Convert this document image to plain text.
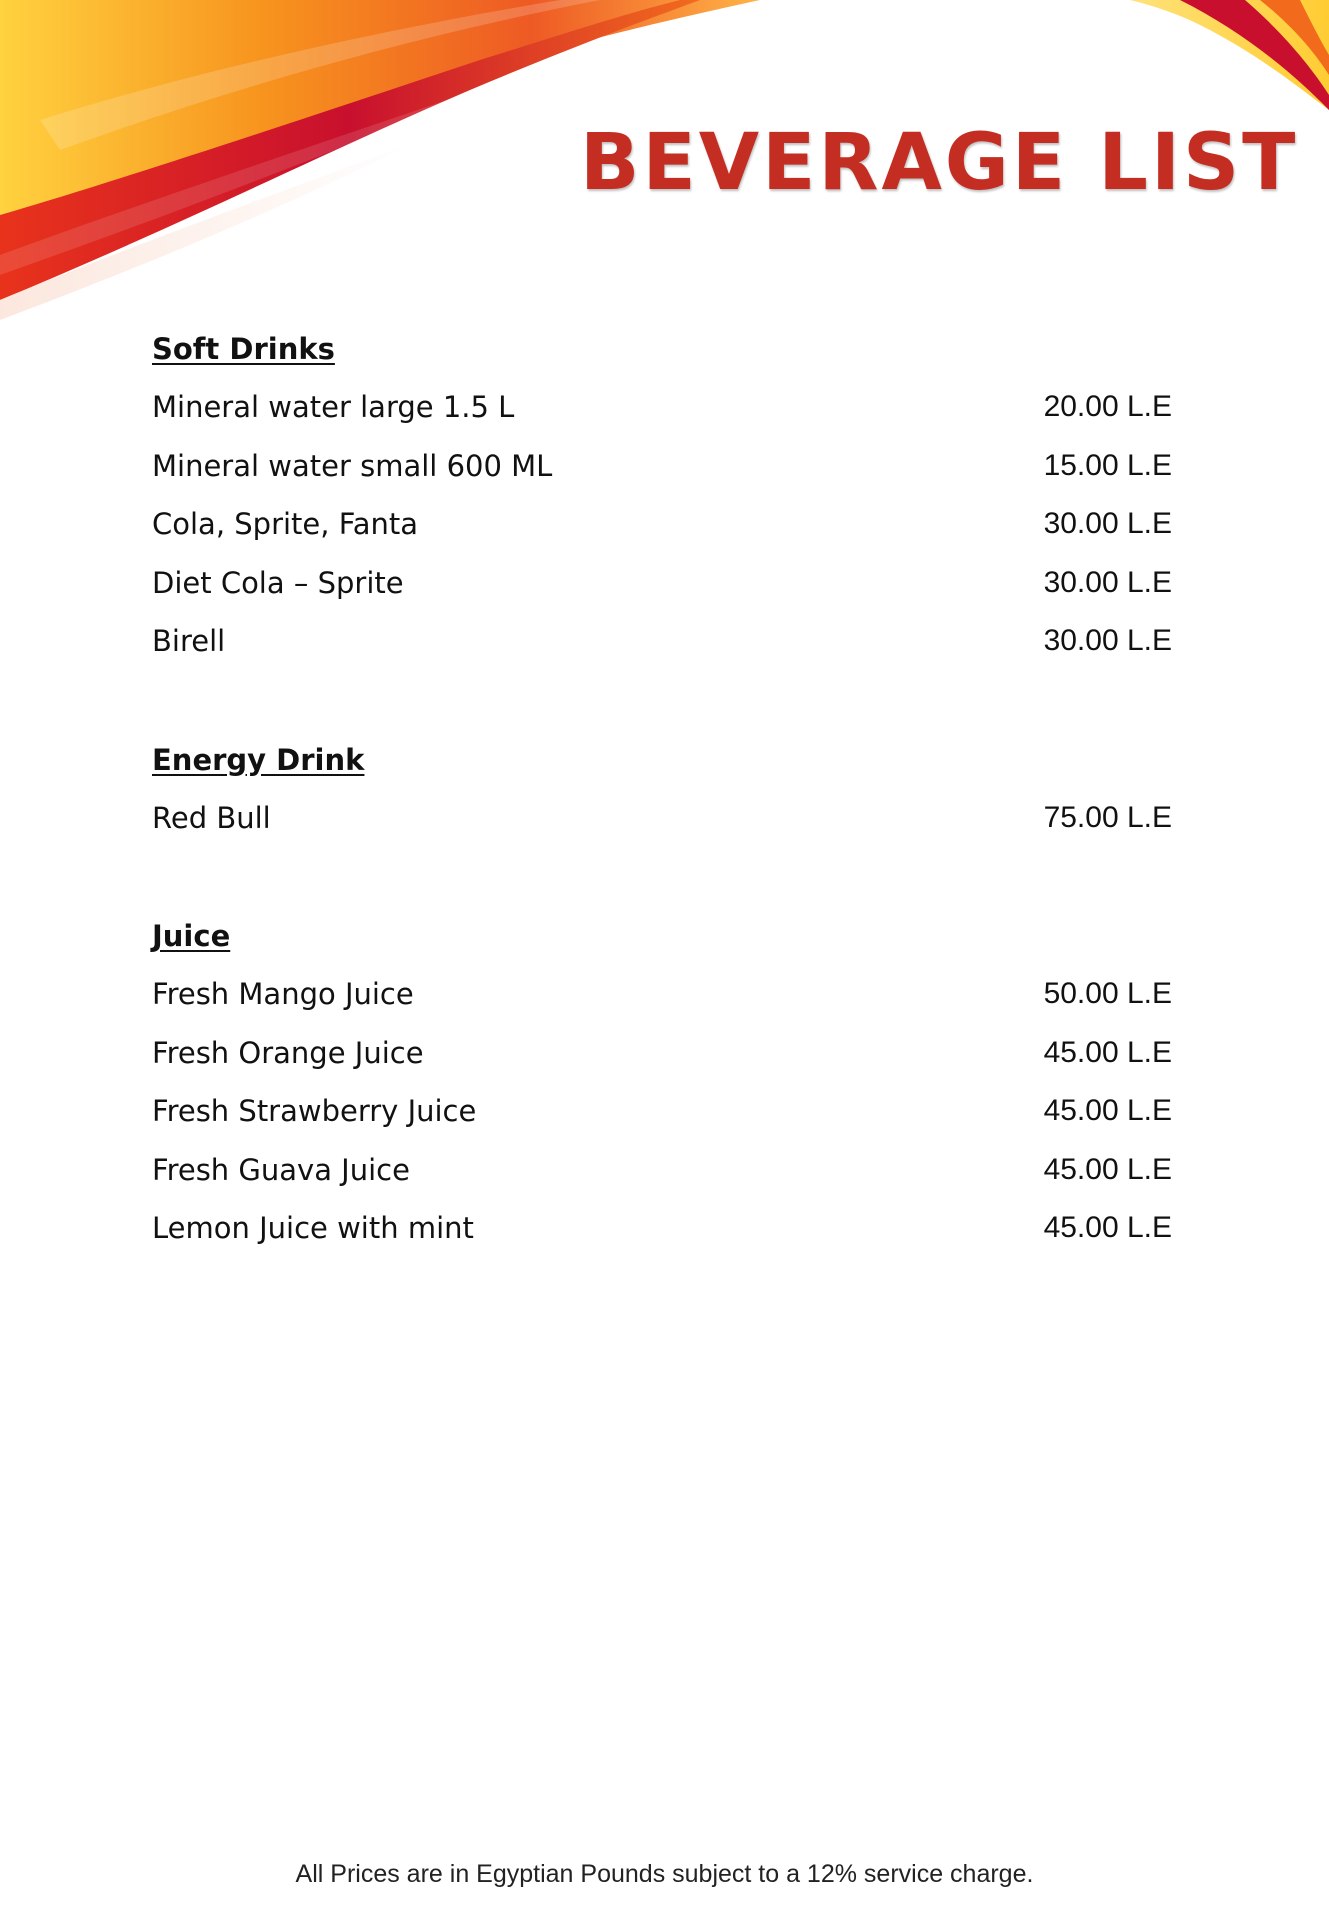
BEVERAGE LIST
Soft Drinks
Mineral water large 1.5 L	20.00 L.E
Mineral water small 600 ML	15.00 L.E
Cola, Sprite, Fanta	30.00 L.E
Diet Cola – Sprite	30.00 L.E
Birell	30.00 L.E
Energy Drink
Red Bull	75.00 L.E
Juice
Fresh Mango Juice	50.00 L.E
Fresh Orange Juice	45.00 L.E
Fresh Strawberry Juice	45.00 L.E
Fresh Guava Juice	45.00 L.E
Lemon Juice with mint	45.00 L.E
All Prices are in Egyptian Pounds subject to a 12% service charge.
